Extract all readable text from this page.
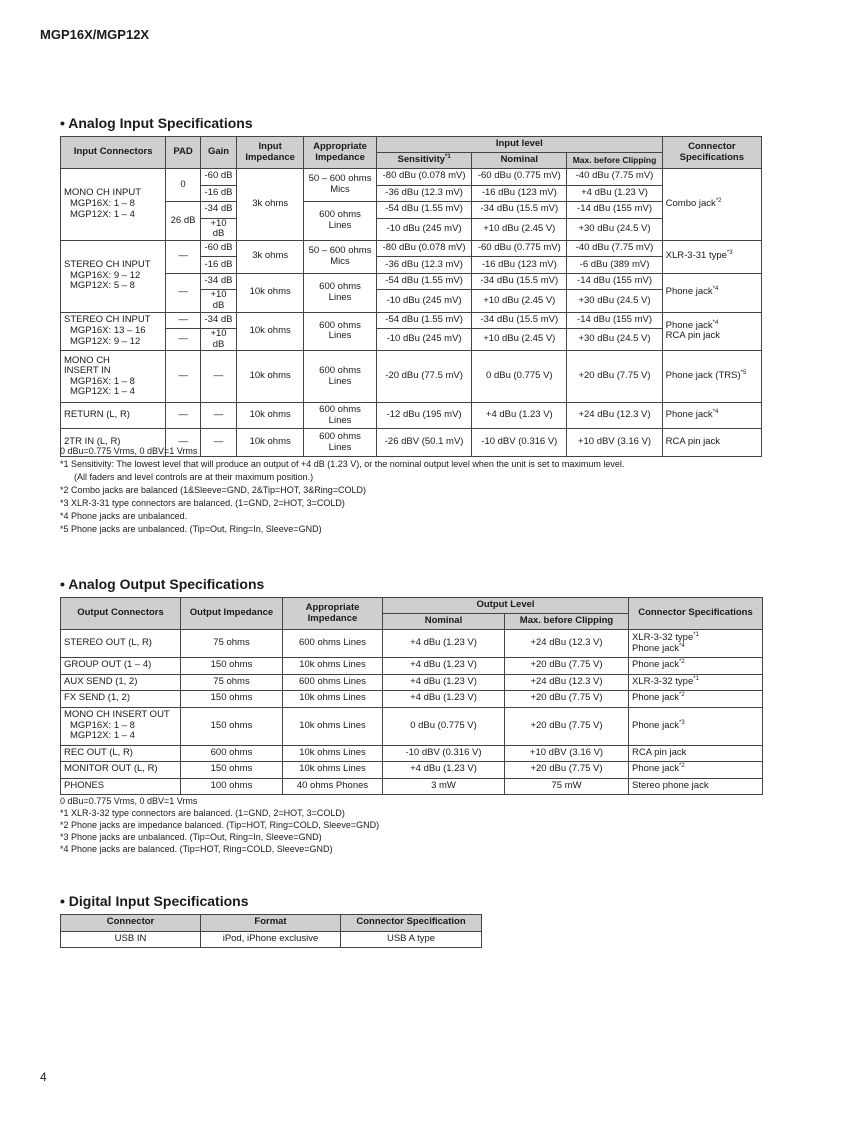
MGP16X/MGP12X
• Analog Input Specifications
Input Connectors	PAD	Gain	Input Impedance	Appropriate Impedance	Input level			Connector Specifications
					Sensitivity$^{*1}$	Nominal	Max. before Clipping	
MONO CH INPUT
MGP16X: 1 – 8
MGP12X: 1 – 4	0	-60 dB	3k ohms	50 – 600 ohms Mics	-80 dBu (0.078 mV)	-60 dBu (0.775 mV)	-40 dBu (7.75 mV)	Combo jack$^{*2}$
		-16 dB			-36 dBu (12.3 mV)	-16 dBu (123 mV)	+4 dBu (1.23 V)	
	26 dB	-34 dB		600 ohms Lines	-54 dBu (1.55 mV)	-34 dBu (15.5 mV)	-14 dBu (155 mV)	
		+10 dB			-10 dBu (245 mV)	+10 dBu (2.45 V)	+30 dBu (24.5 V)	
STEREO CH INPUT
MGP16X: 9 – 12
MGP12X: 5 – 8	—	-60 dB	3k ohms	50 – 600 ohms Mics	-80 dBu (0.078 mV)	-60 dBu (0.775 mV)	-40 dBu (7.75 mV)	XLR-3-31 type$^{*3}$
		-16 dB			-36 dBu (12.3 mV)	-16 dBu (123 mV)	-6 dBu (389 mV)	
	—	-34 dB	10k ohms	600 ohms Lines	-54 dBu (1.55 mV)	-34 dBu (15.5 mV)	-14 dBu (155 mV)	Phone jack$^{*4}$
		+10 dB			-10 dBu (245 mV)	+10 dBu (2.45 V)	+30 dBu (24.5 V)	
STEREO CH INPUT
MGP16X: 13 – 16
MGP12X: 9 – 12	—	-34 dB	10k ohms	600 ohms Lines	-54 dBu (1.55 mV)	-34 dBu (15.5 mV)	-14 dBu (155 mV)	Phone jack$^{*4}$
RCA pin jack
	—	+10 dB			-10 dBu (245 mV)	+10 dBu (2.45 V)	+30 dBu (24.5 V)	
MONO CH
INSERT IN
MGP16X: 1 – 8
MGP12X: 1 – 4	—	—	10k ohms	600 ohms Lines	-20 dBu (77.5 mV)	0 dBu (0.775 V)	+20 dBu (7.75 V)	Phone jack (TRS)$^{*5}$
RETURN (L, R)	—	—	10k ohms	600 ohms Lines	-12 dBu (195 mV)	+4 dBu (1.23 V)	+24 dBu (12.3 V)	Phone jack$^{*4}$
2TR IN (L, R)	—	—	10k ohms	600 ohms Lines	-26 dBV (50.1 mV)	-10 dBV (0.316 V)	+10 dBV (3.16 V)	RCA pin jack
0 dBu=0.775 Vrms, 0 dBV=1 Vrms
*1 Sensitivity: The lowest level that will produce an output of +4 dB (1.23 V), or the nominal output level when the unit is set to maximum level.
(All faders and level controls are at their maximum position.)
*2 Combo jacks are balanced (1&Sleeve=GND, 2&Tip=HOT, 3&Ring=COLD)
*3 XLR-3-31 type connectors are balanced. (1=GND, 2=HOT, 3=COLD)
*4 Phone jacks are unbalanced.
*5 Phone jacks are unbalanced. (Tip=Out, Ring=In, Sleeve=GND)
• Analog Output Specifications
Output Connectors	Output Impedance	Appropriate Impedance	Output Level		Connector Specifications
			Nominal	Max. before Clipping	
STEREO OUT (L, R)	75 ohms	600 ohms Lines	+4 dBu (1.23 V)	+24 dBu (12.3 V)	XLR-3-32 type$^{*1}$
Phone jack$^{*4}$
GROUP OUT (1 – 4)	150 ohms	10k ohms Lines	+4 dBu (1.23 V)	+20 dBu (7.75 V)	Phone jack$^{*2}$
AUX SEND (1, 2)	75 ohms	600 ohms Lines	+4 dBu (1.23 V)	+24 dBu (12.3 V)	XLR-3-32 type$^{*1}$
FX SEND (1, 2)	150 ohms	10k ohms Lines	+4 dBu (1.23 V)	+20 dBu (7.75 V)	Phone jack$^{*2}$
MONO CH INSERT OUT
MGP16X: 1 – 8
MGP12X: 1 – 4	150 ohms	10k ohms Lines	0 dBu (0.775 V)	+20 dBu (7.75 V)	Phone jack$^{*3}$
REC OUT (L, R)	600 ohms	10k ohms Lines	-10 dBV (0.316 V)	+10 dBV (3.16 V)	RCA pin jack
MONITOR OUT (L, R)	150 ohms	10k ohms Lines	+4 dBu (1.23 V)	+20 dBu (7.75 V)	Phone jack$^{*2}$
PHONES	100 ohms	40 ohms Phones	3 mW	75 mW	Stereo phone jack
0 dBu=0.775 Vrms, 0 dBV=1 Vrms
*1 XLR-3-32 type connectors are balanced. (1=GND, 2=HOT, 3=COLD)
*2 Phone jacks are impedance balanced. (Tip=HOT, Ring=COLD, Sleeve=GND)
*3 Phone jacks are unbalanced. (Tip=Out, Ring=In, Sleeve=GND)
*4 Phone jacks are balanced. (Tip=HOT, Ring=COLD, Sleeve=GND)
• Digital Input Specifications
Connector	Format	Connector Specification
USB IN	iPod, iPhone exclusive	USB A type
4
